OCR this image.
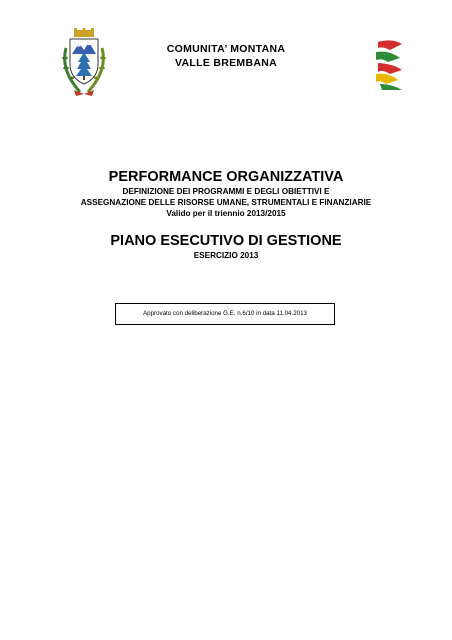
COMUNITA’ MONTANA
VALLE BREMBANA
PERFORMANCE ORGANIZZATIVA
DEFINIZIONE DEI PROGRAMMI E DEGLI OBIETTIVI E
ASSEGNAZIONE DELLE RISORSE UMANE, STRUMENTALI E FINANZIARIE
Valido per il triennio 2013/2015
PIANO ESECUTIVO DI GESTIONE
ESERCIZIO 2013
Approvato con deliberazione G.E. n.6/10 in data 11.04.2013
